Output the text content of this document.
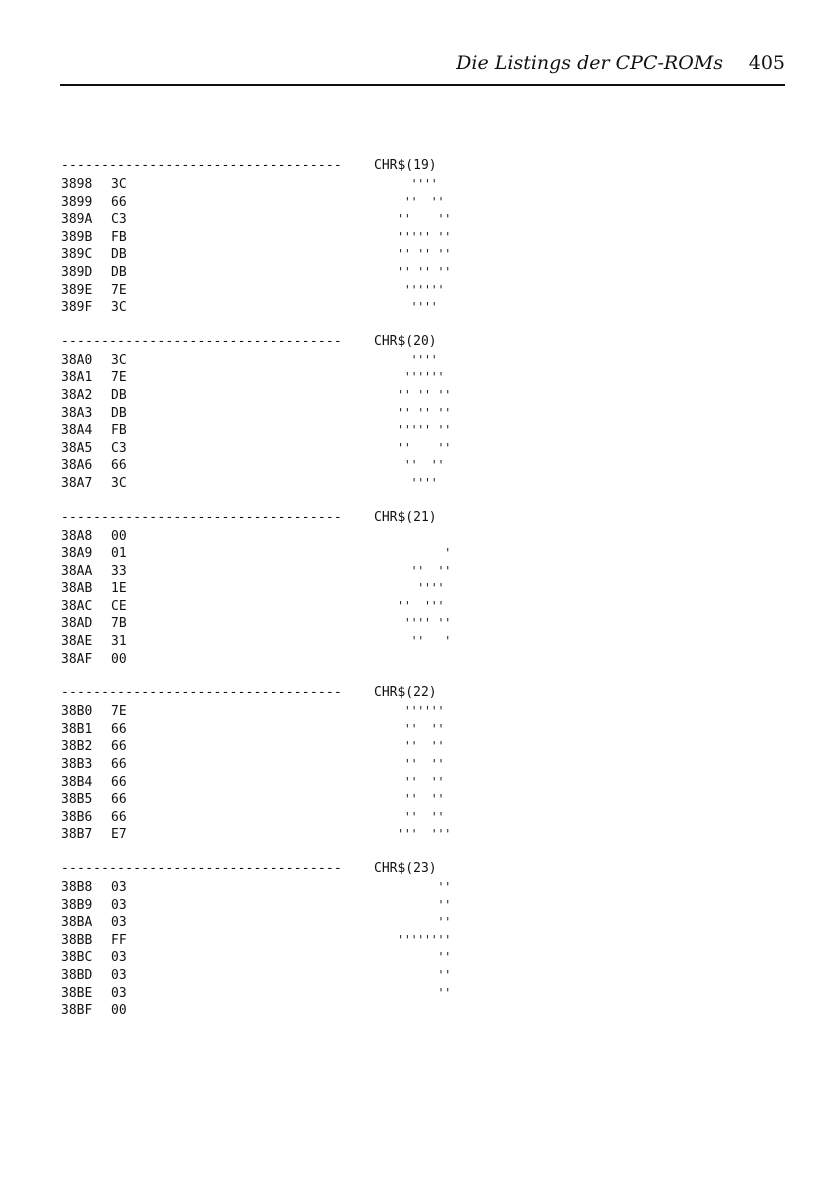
Die Listings der CPC-ROMs 405
----------------------------------- CHR$(19)
3898 3C	''''
3899 66	''  ''
389A C3	''    ''
389B FB	''''' ''
389C DB	'' '' ''
389D DB	'' '' ''
389E 7E	''''''
389F 3C	''''
----------------------------------- CHR$(20)
38A0 3C	''''
38A1 7E	''''''
38A2 DB	'' '' ''
38A3 DB	'' '' ''
38A4 FB	''''' ''
38A5 C3	''    ''
38A6 66	''  ''
38A7 3C	''''
----------------------------------- CHR$(21)
38A8 00

38A9 01	'
38AA 33	''  ''
38AB 1E	''''
38AC CE	''  '''
38AD 7B	'''' ''
38AE 31	''   '
38AF 00

----------------------------------- CHR$(22)
38B0 7E	''''''
38B1 66	''  ''
38B2 66	''  ''
38B3 66	''  ''
38B4 66	''  ''
38B5 66	''  ''
38B6 66	''  ''
38B7 E7	'''  '''
----------------------------------- CHR$(23)
38B8 03	''
38B9 03	''
38BA 03	''
38BB FF	''''''''
38BC 03	''
38BD 03	''
38BE 03	''
38BF 00
